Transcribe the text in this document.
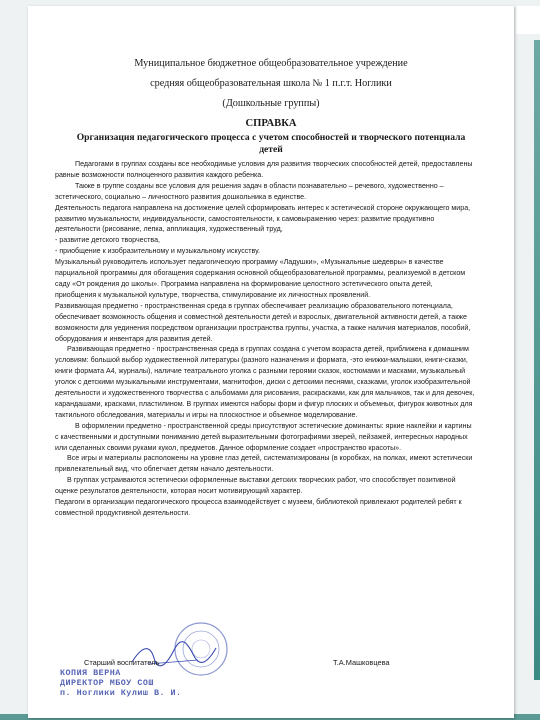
Муниципальное бюджетное общеобразовательное учреждение
средняя общеобразовательная школа № 1 п.г.т. Ноглики
(Дошкольные группы)
СПРАВКА
Организация педагогического процесса с учетом способностей и творческого потенциала
детей

Педагогами в группах созданы все необходимые условия для развития творческих способностей детей, предоставлены равные возможности полноценного развития каждого ребенка.

Также в группе созданы все условия для решения задач в области познавательно – речевого, художественно – эстетического, социально – личностного развития дошкольника в единстве.

Деятельность педагога направлена на достижение целей сформировать интерес к эстетической стороне окружающего мира, развитию музыкальности, индивидуальности, самостоятельности, к самовыражению через: развитие продуктивно деятельности (рисование, лепка, аппликация, художественный труд,

- развитие детского творчества,

- приобщение к изобразительному и музыкальному искусству.

Музыкальный руководитель использует педагогическую программу «Ладушки», «Музыкальные шедевры» в качестве парциальной программы для обогащения содержания основной общеобразовательной программы, реализуемой в детском саду «От рождения до школы». Программа направлена на формирование целостного эстетического опыта детей, приобщения к музыкальной культуре, творчества, стимулирование их личностных проявлений.

Развивающая предметно - пространственная среда в группах обеспечивает реализацию образовательного потенциала, обеспечивает возможность общения и совместной деятельности детей и взрослых, двигательной активности детей, а также возможности для уединения посредством организации пространства группы, участка, а также наличия материалов, пособий, оборудования и инвентаря для развития детей.

Развивающая предметно - пространственная среда в группах создана с учетом возраста детей, приближена к домашним условиям: большой выбор художественной литературы (разного назначения и формата, -это книжки-малышки, книги-сказки, книги формата А4, журналы), наличие театрального уголка с разными героями сказок, костюмами и масками, музыкальный уголок с детскими музыкальными инструментами, магнитофон, диски с детскими песнями, сказками, уголок изобразительной деятельности и художественного творчества с альбомами для рисования, раскрасками, как для мальчиков, так и для девочек, карандашами, красками, пластилином. В группах имеются наборы форм и фигур плоских и объемных, фигурок животных для тактильного обследования, материалы и игры на плоскостное и объемное моделирование.

В оформлении предметно - пространственной среды присутствуют эстетические доминанты: яркие наклейки и картины с качественными и доступными пониманию детей выразительными фотографиями зверей, пейзажей, интересных народных или сделанных своими руками кукол, предметов. Данное оформление создает «пространство красоты».

Все игры и материалы расположены на уровне глаз детей, систематизированы (в коробках, на полках, имеют эстетически привлекательный вид, что облегчает детям начало деятельности.

В группах устраиваются эстетически оформленные выставки детских творческих работ, что способствует позитивной оценке результатов деятельности, которая носит мотивирующий характер.

Педагоги в организации педагогического процесса взаимодействует с музеем, библиотекой привлекают родителей ребят к совместной продуктивной деятельности.

Старший воспитатель	Т.А.Машковцева
КОПИЯ ВЕРНА
ДИРЕКТОР МБОУ СОШ
п. Ноглики Кулиш В. И.
